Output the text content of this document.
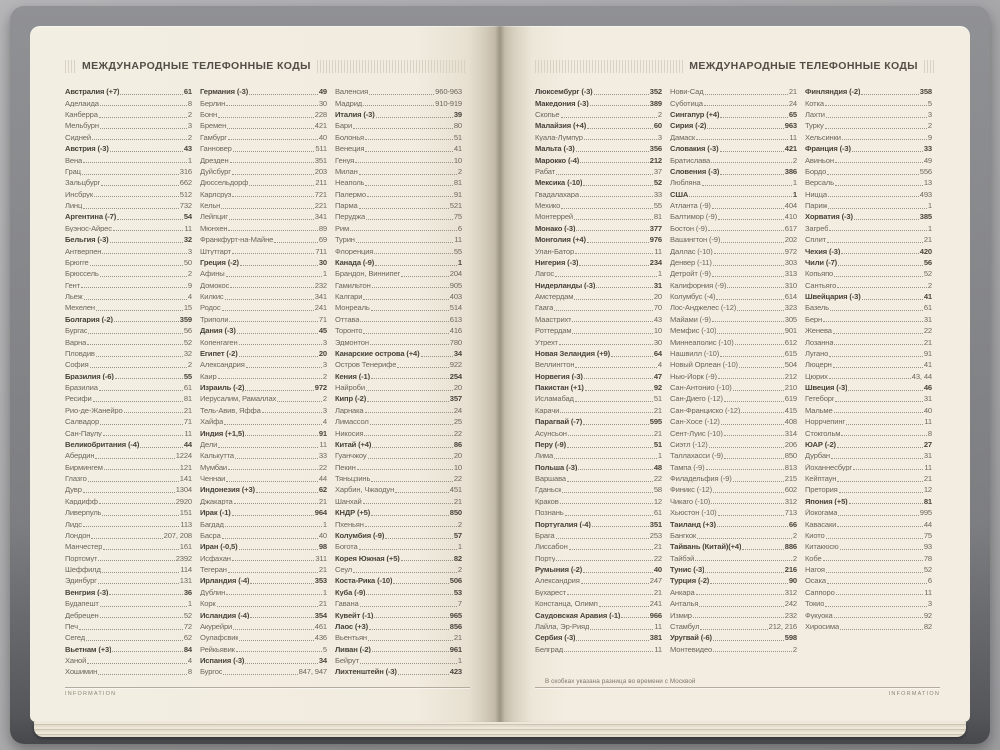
МЕЖДУНАРОДНЫЕ ТЕЛЕФОННЫЕ КОДЫ
Австралия (+7)	61
Аделаида	8
Канберра	2
Мельбурн	3
Сидней	2
Австрия (-3)	43
Вена	1
Грац	316
Зальцбург	662
Инсбрук	512
Линц	732
Аргентина (-7)	54
Буэнос-Айрес	11
Бельгия (-3)	32
Антверпен	3
Брюгге	50
Брюссель	2
Гент	9
Льеж	4
Мехелен	15
Болгария (-2)	359
Бургас	56
Варна	52
Пловдив	32
София	2
Бразилия (-6)	55
Бразилиа	61
Ресифи	81
Рио-де-Жанейро	21
Салвадор	71
Сан-Паулу	11
Великобритания (-4)	44
Абердин	1224
Бирмингем	121
Глазго	141
Дувр	1304
Кардифф	2920
Ливерпуль	151
Лидс	113
Лондон	207, 208
Манчестер	161
Портсмут	2392
Шеффилд	114
Эдинбург	131
Венгрия (-3)	36
Будапешт	1
Дебрецен	52
Печ	72
Сегед	62
Вьетнам (+3)	84
Ханой	4
Хошимин	8
Германия (-3)	49
Берлин	30
Бонн	228
Бремен	421
Гамбург	40
Ганновер	511
Дрезден	351
Дуйсбург	203
Дюссельдорф	211
Карлсруэ	721
Кельн	221
Лейпциг	341
Мюнхен	89
Франкфурт-на-Майне	69
Штутгарт	711
Греция (-2)	30
Афины	1
Домокос	232
Килкис	341
Родос	241
Триполи	71
Дания (-3)	45
Копенгаген	3
Египет (-2)	20
Александрия	3
Каир	2
Израиль (-2)	972
Иерусалим, Рамаллах	2
Тель-Авив, Яффа	3
Хайфа	4
Индия (+1,5)	91
Дели	11
Калькутта	33
Мумбаи	22
Ченнаи	44
Индонезия (+3)	62
Джакарта	21
Ирак (-1)	964
Багдад	1
Басра	40
Иран (-0,5)	98
Исфахан	311
Тегеран	21
Ирландия (-4)	353
Дублин	1
Корк	21
Исландия (-4)	354
Акурейри	461
Оулафсвик	436
Рейкьявик	5
Испания (-3)	34
Бургос	847, 947
Валенсия	960-963
Мадрид	910-919
Италия (-3)	39
Бари	80
Болонья	51
Венеция	41
Генуя	10
Милан	2
Неаполь	81
Палермо	91
Парма	521
Перуджа	75
Рим	6
Турин	11
Флоренция	55
Канада (-9)	1
Брандон, Виннипег	204
Гамильтон	905
Калгари	403
Монреаль	514
Оттава	613
Торонто	416
Эдмонтон	780
Канарские острова (+4)	34
Остров Тенерифе	922
Кения (-1)	254
Найроби	20
Кипр (-2)	357
Ларнака	24
Лимассол	25
Никосия	22
Китай (+4)	86
Гуанчжоу	20
Пекин	10
Тяньцзинь	22
Харбин, Чжаодун	451
Шанхай	21
КНДР (+5)	850
Пхеньян	2
Колумбия (-9)	57
Богота	1
Корея Южная (+5)	82
Сеул	2
Коста-Рика (-10)	506
Куба (-9)	53
Гавана	7
Кувейт (-1)	965
Лаос (+3)	856
Вьентьян	21
Ливан (-2)	961
Бейрут	1
Лихтенштейн (-3)	423
INFORMATION
МЕЖДУНАРОДНЫЕ ТЕЛЕФОННЫЕ КОДЫ
Люксембург (-3)	352
Македония (-3)	389
Скопье	2
Малайзия (+4)	60
Куала-Лумпур	3
Мальта (-3)	356
Марокко (-4)	212
Рабат	37
Мексика (-10)	52
Гвадалахара	33
Мехико	55
Монтеррей	81
Монако (-3)	377
Монголия (+4)	976
Улан-Батор	11
Нигерия (-3)	234
Лагос	1
Нидерланды (-3)	31
Амстердам	20
Гаага	70
Маастрихт	43
Роттердам	10
Утрехт	30
Новая Зеландия (+9)	64
Веллингтон	4
Норвегия (-3)	47
Пакистан (+1)	92
Исламабад	51
Карачи	21
Парагвай (-7)	595
Асунсьон	21
Перу (-9)	51
Лима	1
Польша (-3)	48
Варшава	22
Гданьск	58
Краков	12
Познань	61
Португалия (-4)	351
Брага	253
Лиссабон	21
Порту	22
Румыния (-2)	40
Александрия	247
Бухарест	21
Констанца, Олимп	241
Саудовская Аравия (-1)	966
Лайла, Эр-Рияд	11
Сербия (-3)	381
Белград	11
Нови-Сад	21
Суботица	24
Сингапур (+4)	65
Сирия (-2)	963
Дамаск	11
Словакия (-3)	421
Братислава	2
Словения (-3)	386
Любляна	1
США	1
Атланта (-9)	404
Балтимор (-9)	410
Бостон (-9)	617
Вашингтон (-9)	202
Даллас (-10)	972
Денвер (-11)	303
Детройт (-9)	313
Калифорния (-9)	310
Колумбус (-4)	614
Лос-Анджелес (-12)	323
Майами (-9)	305
Мемфис (-10)	901
Миннеаполис (-10)	612
Нашвилл (-10)	615
Новый Орлеан (-10)	504
Нью-Йорк (-9)	212
Сан-Антонио (-10)	210
Сан-Диего (-12)	619
Сан-Франциско (-12)	415
Сан-Хосе (-12)	408
Сент-Луис (-10)	314
Сиэтл (-12)	206
Таллахасси (-9)	850
Тампа (-9)	813
Филадельфия (-9)	215
Финикс (-12)	602
Чикаго (-10)	312
Хьюстон (-10)	713
Таиланд (+3)	66
Бангкок	2
Тайвань (Китай)(+4)	886
Тайбэй	2
Тунис (-3)	216
Турция (-2)	90
Анкара	312
Анталья	242
Измир	232
Стамбул	212, 216
Уругвай (-6)	598
Монтевидео	2
Финляндия (-2)	358
Котка	5
Лахти	3
Турку	2
Хельсинки	9
Франция (-3)	33
Авиньон	49
Бордо	556
Версаль	13
Ницца	493
Париж	1
Хорватия (-3)	385
Загреб	1
Сплит	21
Чехия (-3)	420
Чили (-7)	56
Копьяпо	52
Сантьяго	2
Швейцария (-3)	41
Базель	61
Берн	31
Женева	22
Лозанна	21
Лугано	91
Люцерн	41
Цюрих	43, 44
Швеция (-3)	46
Гетеборг	31
Мальме	40
Норрчепинг	11
Стокгольм	8
ЮАР (-2)	27
Дурбан	31
Йоханнесбург	11
Кейптаун	21
Претория	12
Япония (+5)	81
Йокогама	995
Кавасаки	44
Киото	75
Китакюсю	93
Кобе	78
Нагоя	52
Осака	6
Саппоро	11
Токио	3
Фукуока	92
Хиросима	82
В скобках указана разница во времени с Москвой
INFORMATION
